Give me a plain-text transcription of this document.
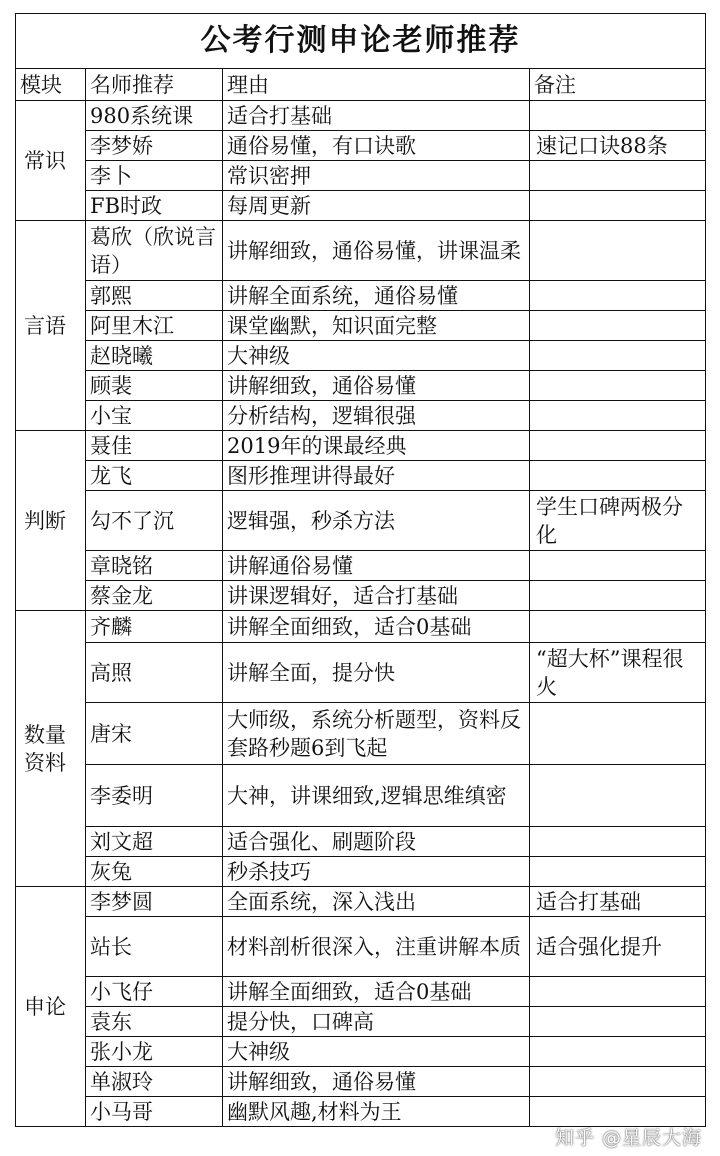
公考行测申论老师推荐			
模块	名师推荐	理由	备注
常识	980系统课	适合打基础	
	李梦娇	通俗易懂，有口诀歌	速记口诀88条
	李卜	常识密押	
	FB时政	每周更新	
言语	葛欣（欣说言语）	讲解细致，通俗易懂，讲课温柔	
	郭熙	讲解全面系统，通俗易懂	
	阿里木江	课堂幽默，知识面完整	
	赵晓曦	大神级	
	顾裴	讲解细致，通俗易懂	
	小宝	分析结构，逻辑很强	
判断	聂佳	2019年的课最经典	
	龙飞	图形推理讲得最好	
	勾不了沉	逻辑强，秒杀方法	学生口碑两极分化
	章晓铭	讲解通俗易懂	
	蔡金龙	讲课逻辑好，适合打基础	
数量
资料	齐麟	讲解全面细致，适合0基础	
	高照	讲解全面，提分快	“超大杯”课程很火
	唐宋	大师级，系统分析题型，资料反套路秒题6到飞起	
	李委明	大神，讲课细致,逻辑思维缜密	
	刘文超	适合强化、刷题阶段	
	灰兔	秒杀技巧	
申论	李梦圆	全面系统，深入浅出	适合打基础
	站长	材料剖析很深入，注重讲解本质	适合强化提升
	小飞仔	讲解全面细致，适合0基础	
	袁东	提分快，口碑高	
	张小龙	大神级	
	单淑玲	讲解细致，通俗易懂	
	小马哥	幽默风趣,材料为王	
知乎 @星辰大海
